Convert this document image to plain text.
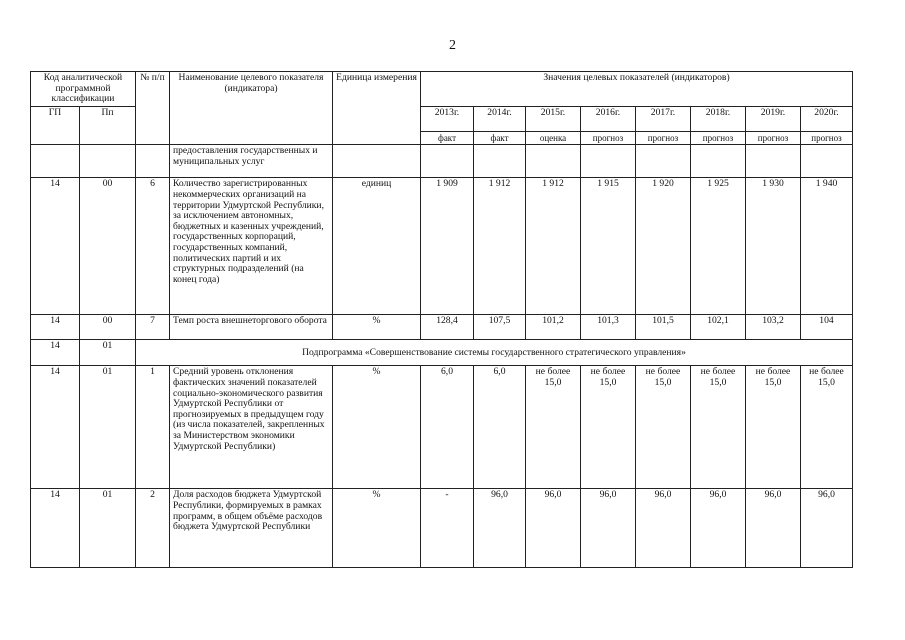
2
Код аналитической программной классификации		№ п/п	Наименование целевого показателя (индикатора)	Единица измерения	Значения целевых показателей (индикаторов)							
ГП	Пп				2013г.	2014г.	2015г.	2016г.	2017г.	2018г.	2019г.	2020г.
					факт	факт	оценка	прогноз	прогноз	прогноз	прогноз	прогноз
			предоставления государственных и муниципальных услуг									
14	00	6	Количество зарегистрированных некоммерческих организаций на территории Удмуртской Республики, за исключением автономных, бюджетных и казенных учреждений, государственных корпораций, государственных компаний, политических партий и их структурных подразделений (на конец года)	единиц	1 909	1 912	1 912	1 915	1 920	1 925	1 930	1 940
14	00	7	Темп роста внешнеторгового оборота	%	128,4	107,5	101,2	101,3	101,5	102,1	103,2	104
14	01	Подпрограмма «Совершенствование системы государственного стратегического управления»										
14	01	1	Средний уровень отклонения фактических значений показателей социально-экономического развития Удмуртской Республики от прогнозируемых в предыдущем году (из числа показателей, закрепленных за Министерством экономики Удмуртской Республики)	%	6,0	6,0	не более 15,0	не более 15,0	не более 15,0	не более 15,0	не более 15,0	не более 15,0
14	01	2	Доля расходов бюджета Удмуртской Республики, формируемых в рамках программ, в общем объёме расходов бюджета Удмуртской Республики	%	-	96,0	96,0	96,0	96,0	96,0	96,0	96,0
